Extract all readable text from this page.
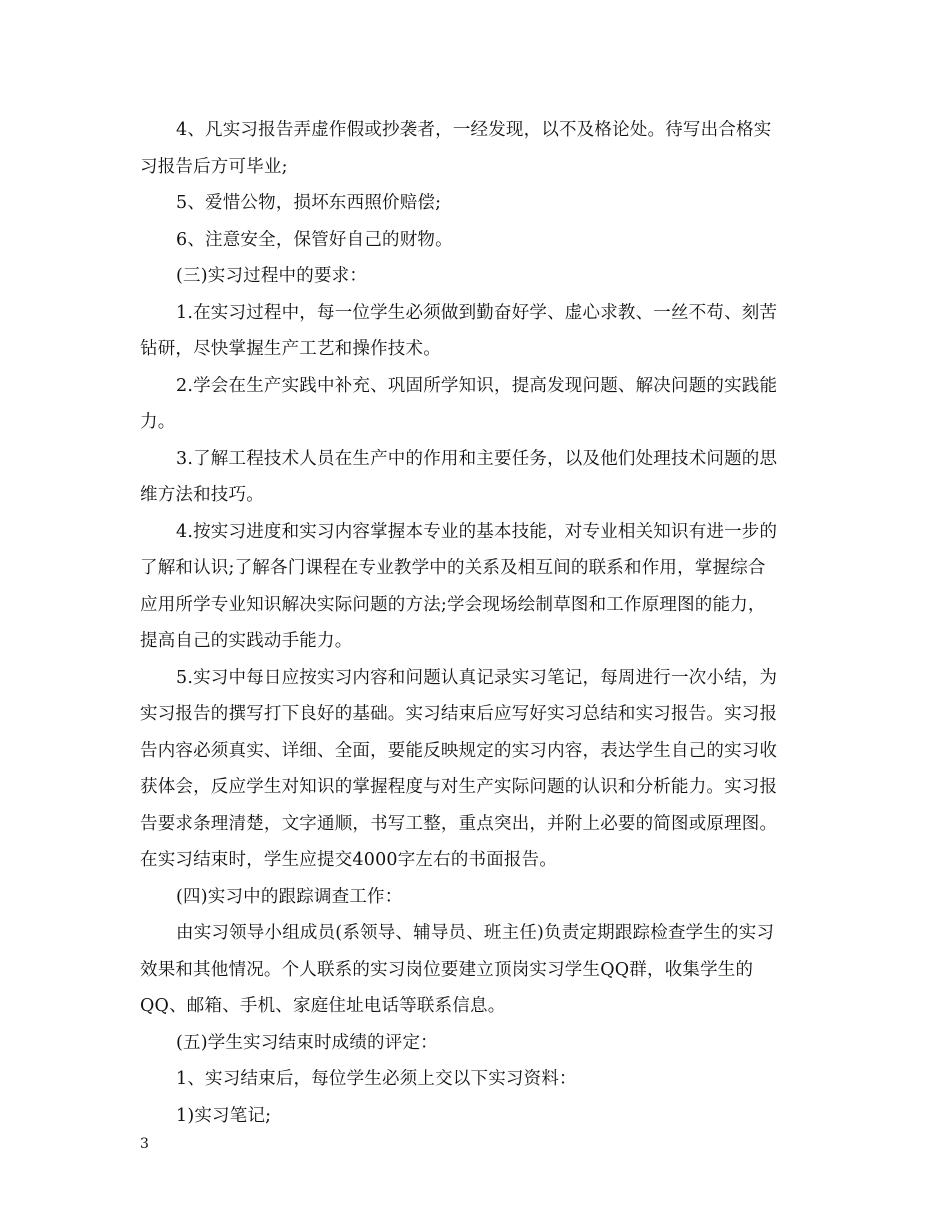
4、凡实习报告弄虚作假或抄袭者，一经发现，以不及格论处。待写出合格实
习报告后方可毕业;

5、爱惜公物，损坏东西照价赔偿;

6、注意安全，保管好自己的财物。

(三)实习过程中的要求：

1.在实习过程中，每一位学生必须做到勤奋好学、虚心求教、一丝不苟、刻苦
钻研，尽快掌握生产工艺和操作技术。

2.学会在生产实践中补充、巩固所学知识，提高发现问题、解决问题的实践能
力。

3.了解工程技术人员在生产中的作用和主要任务，以及他们处理技术问题的思
维方法和技巧。

4.按实习进度和实习内容掌握本专业的基本技能，对专业相关知识有进一步的
了解和认识;了解各门课程在专业教学中的关系及相互间的联系和作用，掌握综合
应用所学专业知识解决实际问题的方法;学会现场绘制草图和工作原理图的能力，
提高自己的实践动手能力。

5.实习中每日应按实习内容和问题认真记录实习笔记，每周进行一次小结，为
实习报告的撰写打下良好的基础。实习结束后应写好实习总结和实习报告。实习报
告内容必须真实、详细、全面，要能反映规定的实习内容，表达学生自己的实习收
获体会，反应学生对知识的掌握程度与对生产实际问题的认识和分析能力。实习报
告要求条理清楚，文字通顺，书写工整，重点突出，并附上必要的简图或原理图。
在实习结束时，学生应提交4000字左右的书面报告。

(四)实习中的跟踪调查工作：

由实习领导小组成员(系领导、辅导员、班主任)负责定期跟踪检查学生的实习
效果和其他情况。个人联系的实习岗位要建立顶岗实习学生QQ群，收集学生的
QQ、邮箱、手机、家庭住址电话等联系信息。

(五)学生实习结束时成绩的评定：

1、实习结束后，每位学生必须上交以下实习资料：

1)实习笔记;

3
